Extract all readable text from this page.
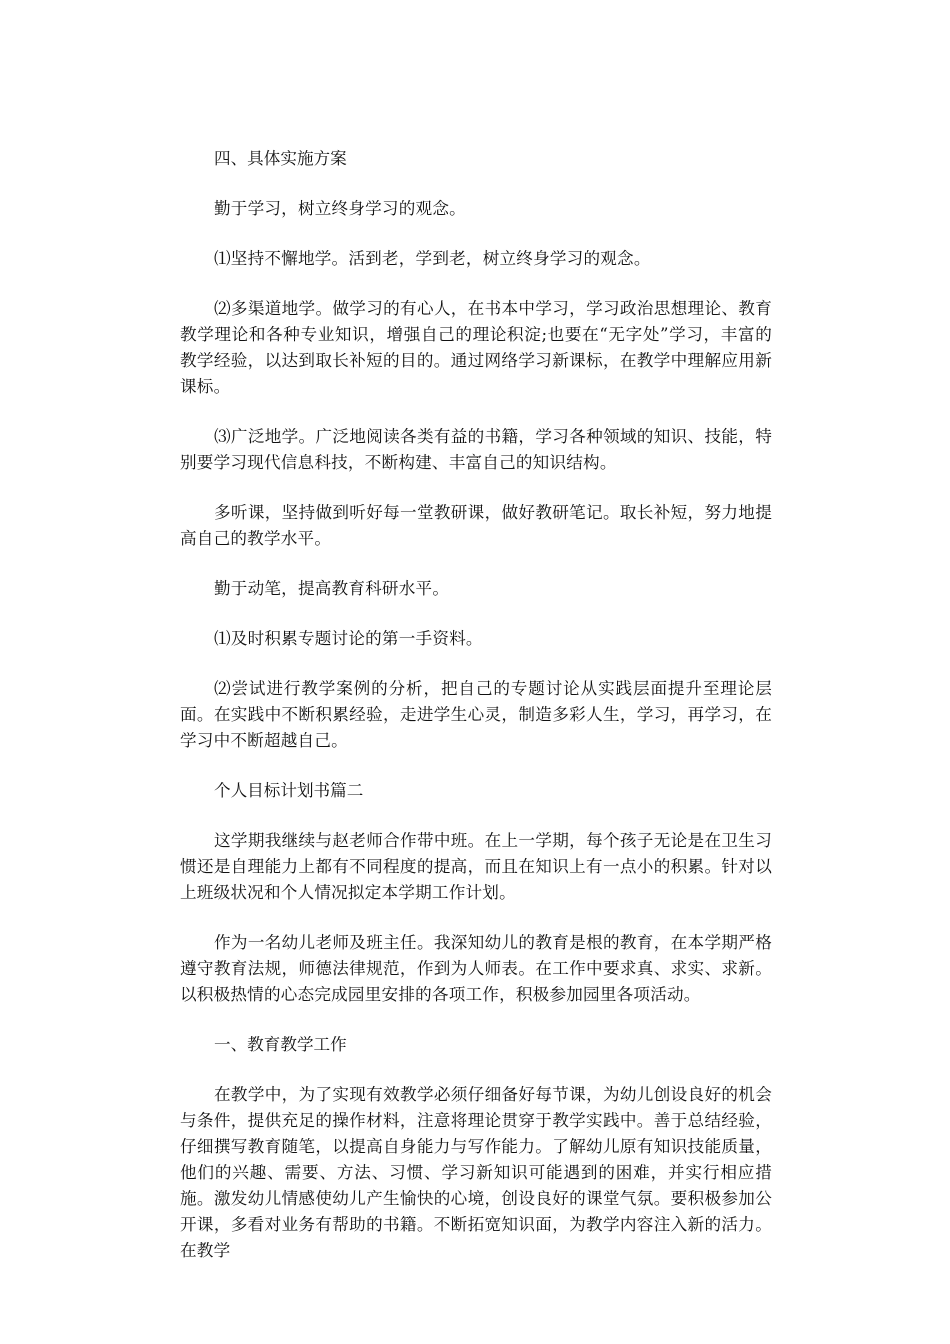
四、具体实施方案

勤于学习，树立终身学习的观念。

⑴坚持不懈地学。活到老，学到老，树立终身学习的观念。

⑵多渠道地学。做学习的有心人，在书本中学习，学习政治思想理论、教育教学理论和各种专业知识，增强自己的理论积淀;也要在“无字处”学习，丰富的教学经验，以达到取长补短的目的。通过网络学习新课标，在教学中理解应用新课标。

⑶广泛地学。广泛地阅读各类有益的书籍，学习各种领域的知识、技能，特别要学习现代信息科技，不断构建、丰富自己的知识结构。

多听课，坚持做到听好每一堂教研课，做好教研笔记。取长补短，努力地提高自己的教学水平。

勤于动笔，提高教育科研水平。

⑴及时积累专题讨论的第一手资料。

⑵尝试进行教学案例的分析，把自己的专题讨论从实践层面提升至理论层面。在实践中不断积累经验，走进学生心灵，制造多彩人生，学习，再学习，在学习中不断超越自己。

个人目标计划书篇二

这学期我继续与赵老师合作带中班。在上一学期，每个孩子无论是在卫生习惯还是自理能力上都有不同程度的提高，而且在知识上有一点小的积累。针对以上班级状况和个人情况拟定本学期工作计划。

作为一名幼儿老师及班主任。我深知幼儿的教育是根的教育，在本学期严格遵守教育法规，师德法律规范，作到为人师表。在工作中要求真、求实、求新。以积极热情的心态完成园里安排的各项工作，积极参加园里各项活动。

一、教育教学工作

在教学中，为了实现有效教学必须仔细备好每节课，为幼儿创设良好的机会与条件，提供充足的操作材料，注意将理论贯穿于教学实践中。善于总结经验，仔细撰写教育随笔，以提高自身能力与写作能力。了解幼儿原有知识技能质量，他们的兴趣、需要、方法、习惯、学习新知识可能遇到的困难，并实行相应措施。激发幼儿情感使幼儿产生愉快的心境，创设良好的课堂气氛。要积极参加公开课，多看对业务有帮助的书籍。不断拓宽知识面，为教学内容注入新的活力。在教学
